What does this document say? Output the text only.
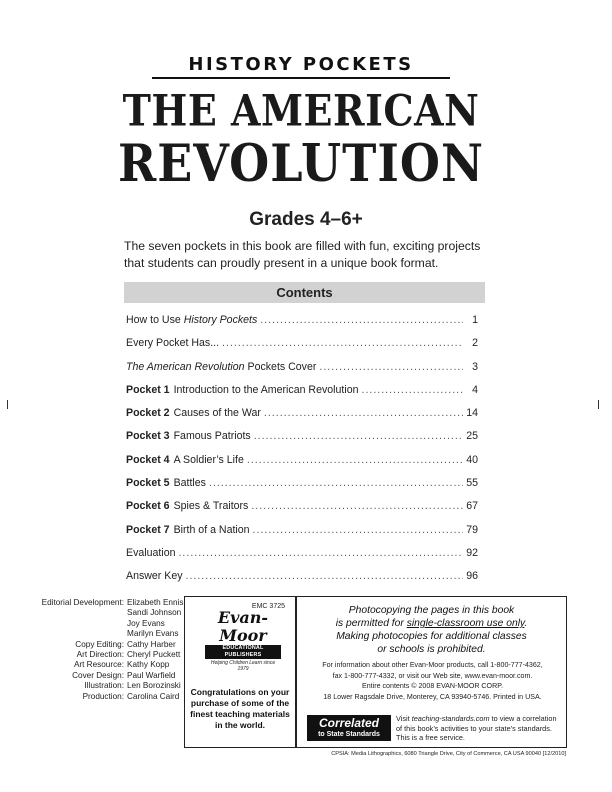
HISTORY POCKETS
THE AMERICAN
REVOLUTION
Grades 4–6+
The seven pockets in this book are filled with fun, exciting projects that students can proudly present in a unique book format.
Contents
How to Use History Pockets .....	1
Every Pocket Has... .....	2
The American Revolution Pockets Cover .....	3
Pocket 1 Introduction to the American Revolution .....	4
Pocket 2 Causes of the War .....	14
Pocket 3 Famous Patriots .....	25
Pocket 4 A Soldier’s Life .....	40
Pocket 5 Battles .....	55
Pocket 6 Spies & Traitors .....	67
Pocket 7 Birth of a Nation .....	79
Evaluation .....	92
Answer Key .....	96
Editorial Development: Elizabeth Ennis
Sandi Johnson
Joy Evans
Marilyn Evans
Copy Editing: Cathy Harber
Art Direction: Cheryl Puckett
Art Resource: Kathy Kopp
Cover Design: Paul Warfield
Illustration: Len Borozinski
Production: Carolina Caird
EMC 3725
Evan-Moor
EDUCATIONAL PUBLISHERS
Helping Children Learn since 1979
Congratulations on your purchase of some of the finest teaching materials in the world.
Photocopying the pages in this book
is permitted for single-classroom use only.
Making photocopies for additional classes
or schools is prohibited.
For information about other Evan-Moor products, call 1-800-777-4362,
fax 1-800-777-4332, or visit our Web site, www.evan-moor.com.
Entire contents © 2008 EVAN-MOOR CORP.
18 Lower Ragsdale Drive, Monterey, CA 93940-5746. Printed in USA.
Correlated
to State Standards
Visit teaching-standards.com to view a correlation of this book’s activities to your state’s standards. This is a free service.
CPSIA: Media Lithographics, 6080 Triangle Drive, City of Commerce, CA USA 90040 [12/2010]
